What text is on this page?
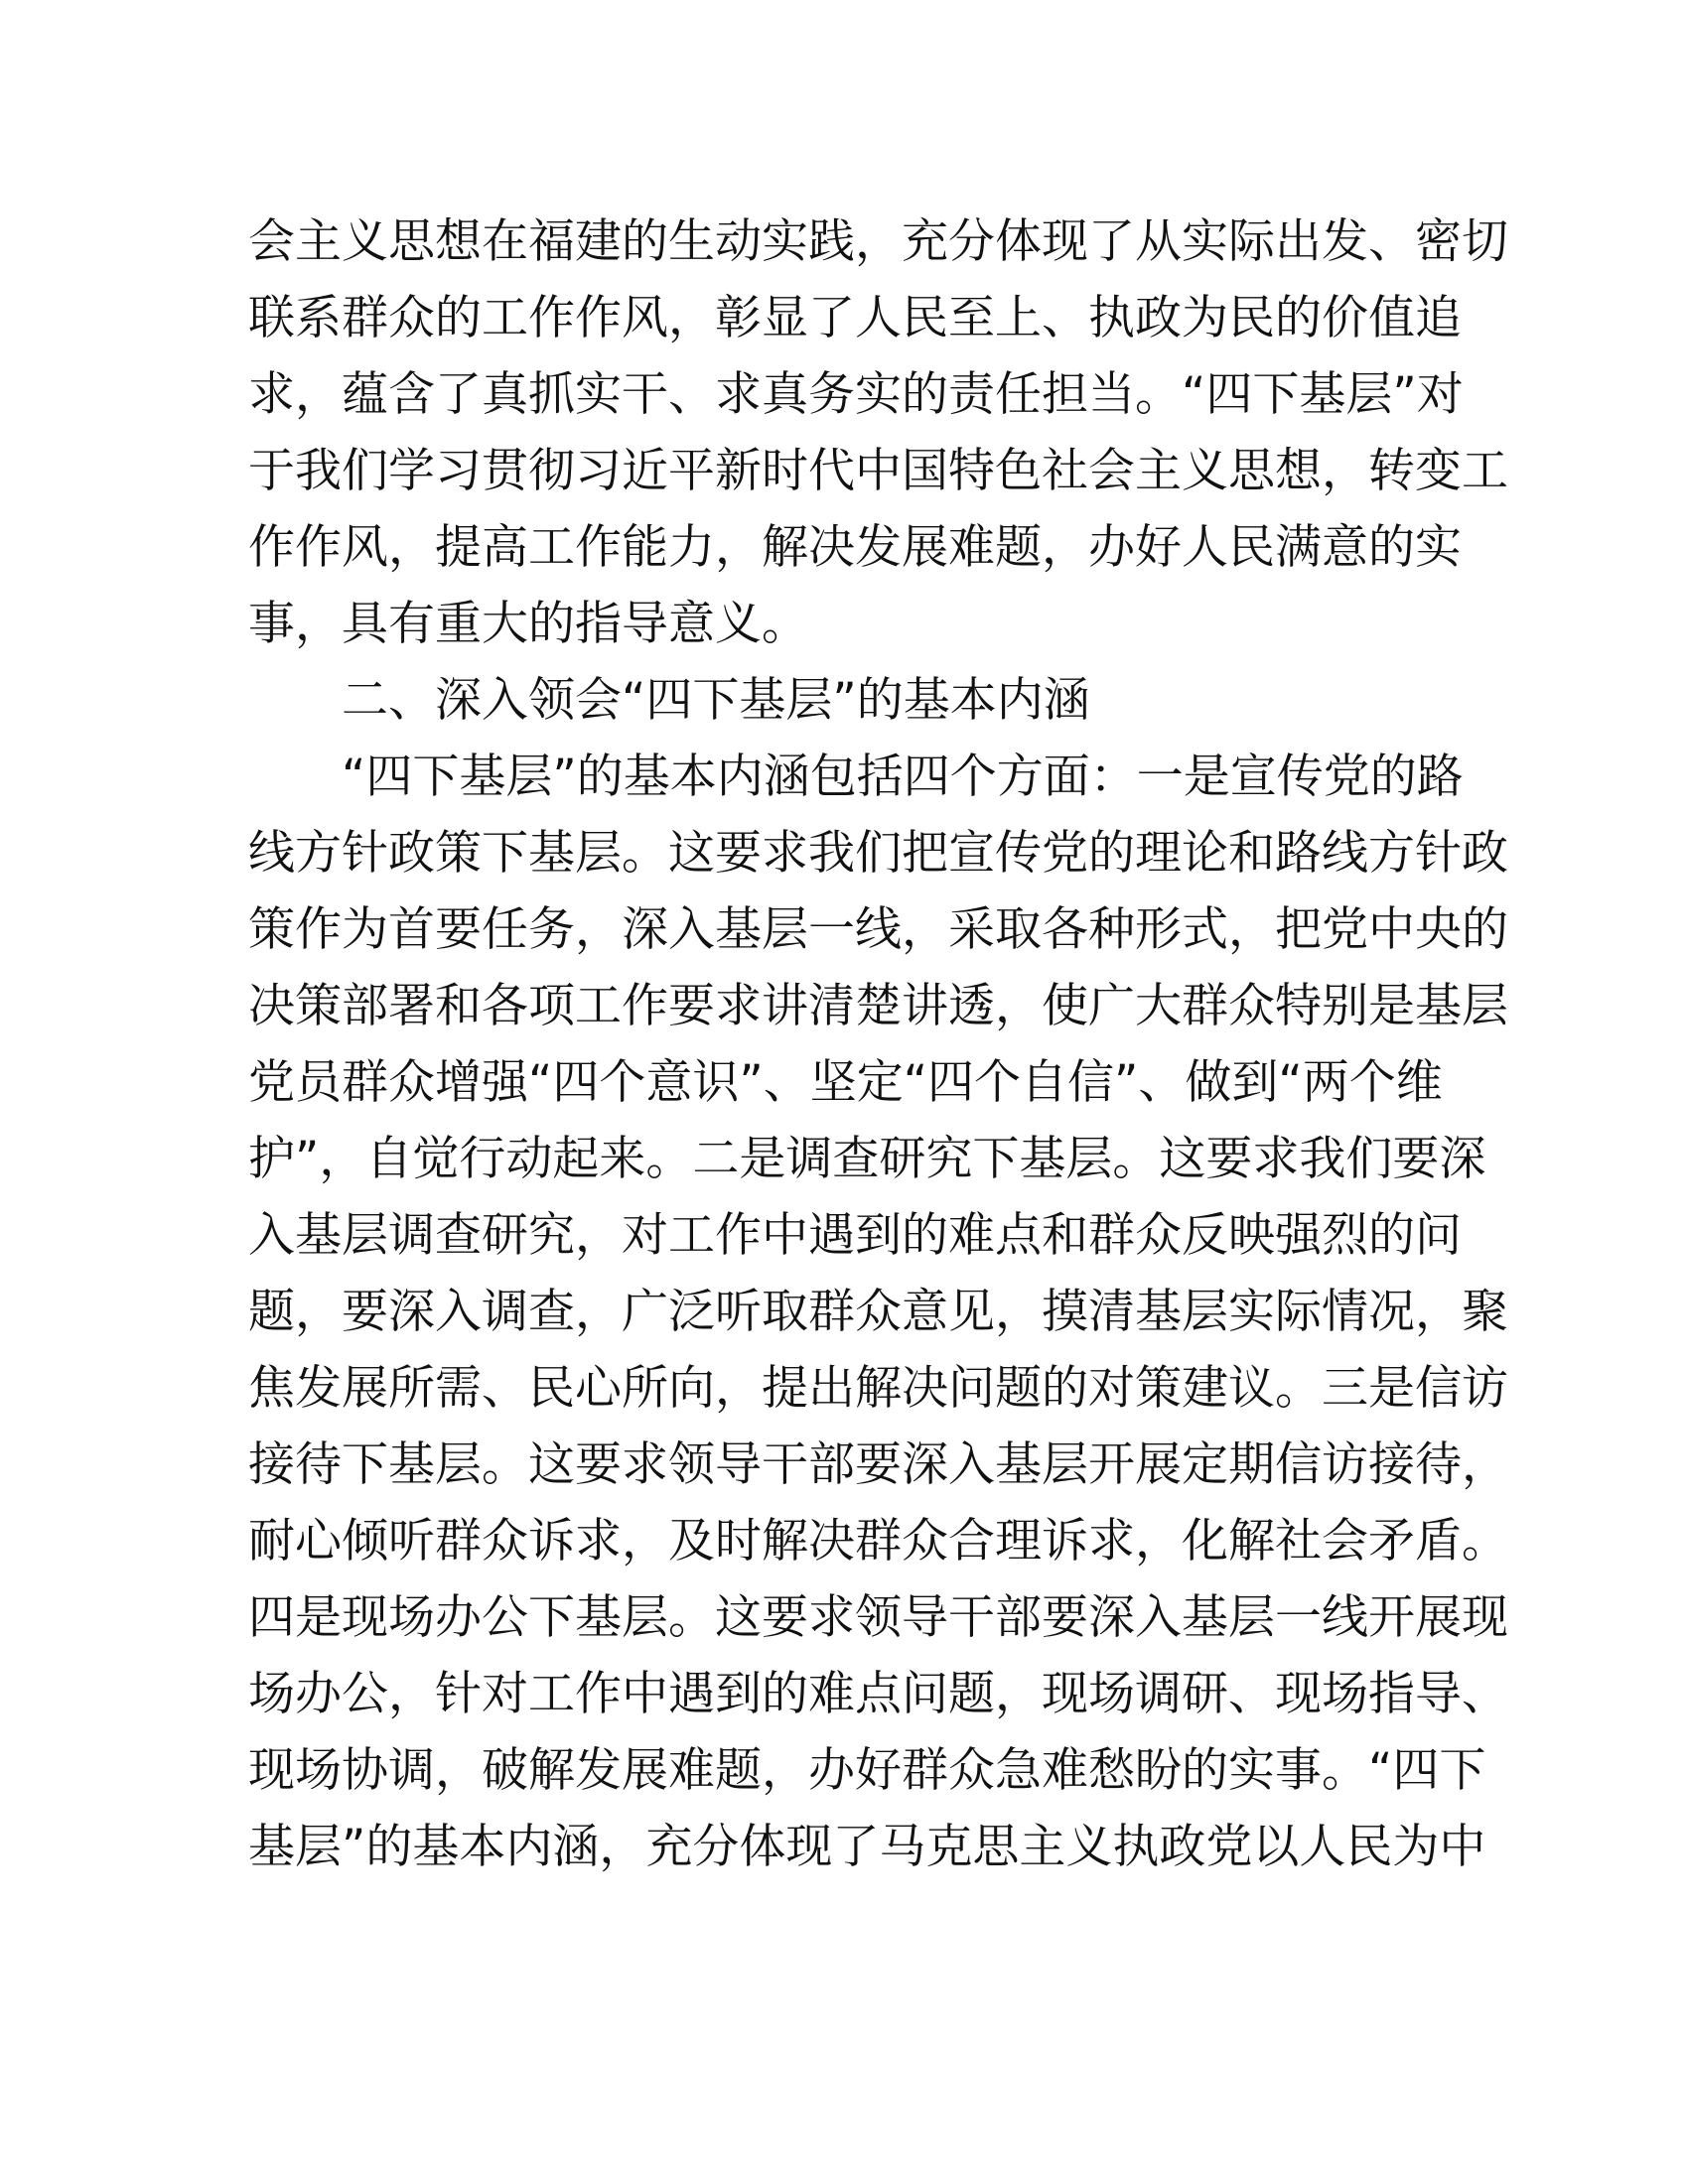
会主义思想在福建的生动实践，充分体现了从实际出发、密切
联系群众的工作作风，彰显了人民至上、执政为民的价值追
求，蕴含了真抓实干、求真务实的责任担当。“四下基层”对
于我们学习贯彻习近平新时代中国特色社会主义思想，转变工
作作风，提高工作能力，解决发展难题，办好人民满意的实
事，具有重大的指导意义。
二、深入领会“四下基层”的基本内涵
“四下基层”的基本内涵包括四个方面：一是宣传党的路
线方针政策下基层。这要求我们把宣传党的理论和路线方针政
策作为首要任务，深入基层一线，采取各种形式，把党中央的
决策部署和各项工作要求讲清楚讲透，使广大群众特别是基层
党员群众增强“四个意识”、坚定“四个自信”、做到“两个维
护”，自觉行动起来。二是调查研究下基层。这要求我们要深
入基层调查研究，对工作中遇到的难点和群众反映强烈的问
题，要深入调查，广泛听取群众意见，摸清基层实际情况，聚
焦发展所需、民心所向，提出解决问题的对策建议。三是信访
接待下基层。这要求领导干部要深入基层开展定期信访接待，
耐心倾听群众诉求，及时解决群众合理诉求，化解社会矛盾。
四是现场办公下基层。这要求领导干部要深入基层一线开展现
场办公，针对工作中遇到的难点问题，现场调研、现场指导、
现场协调，破解发展难题，办好群众急难愁盼的实事。“四下
基层”的基本内涵，充分体现了马克思主义执政党以人民为中
